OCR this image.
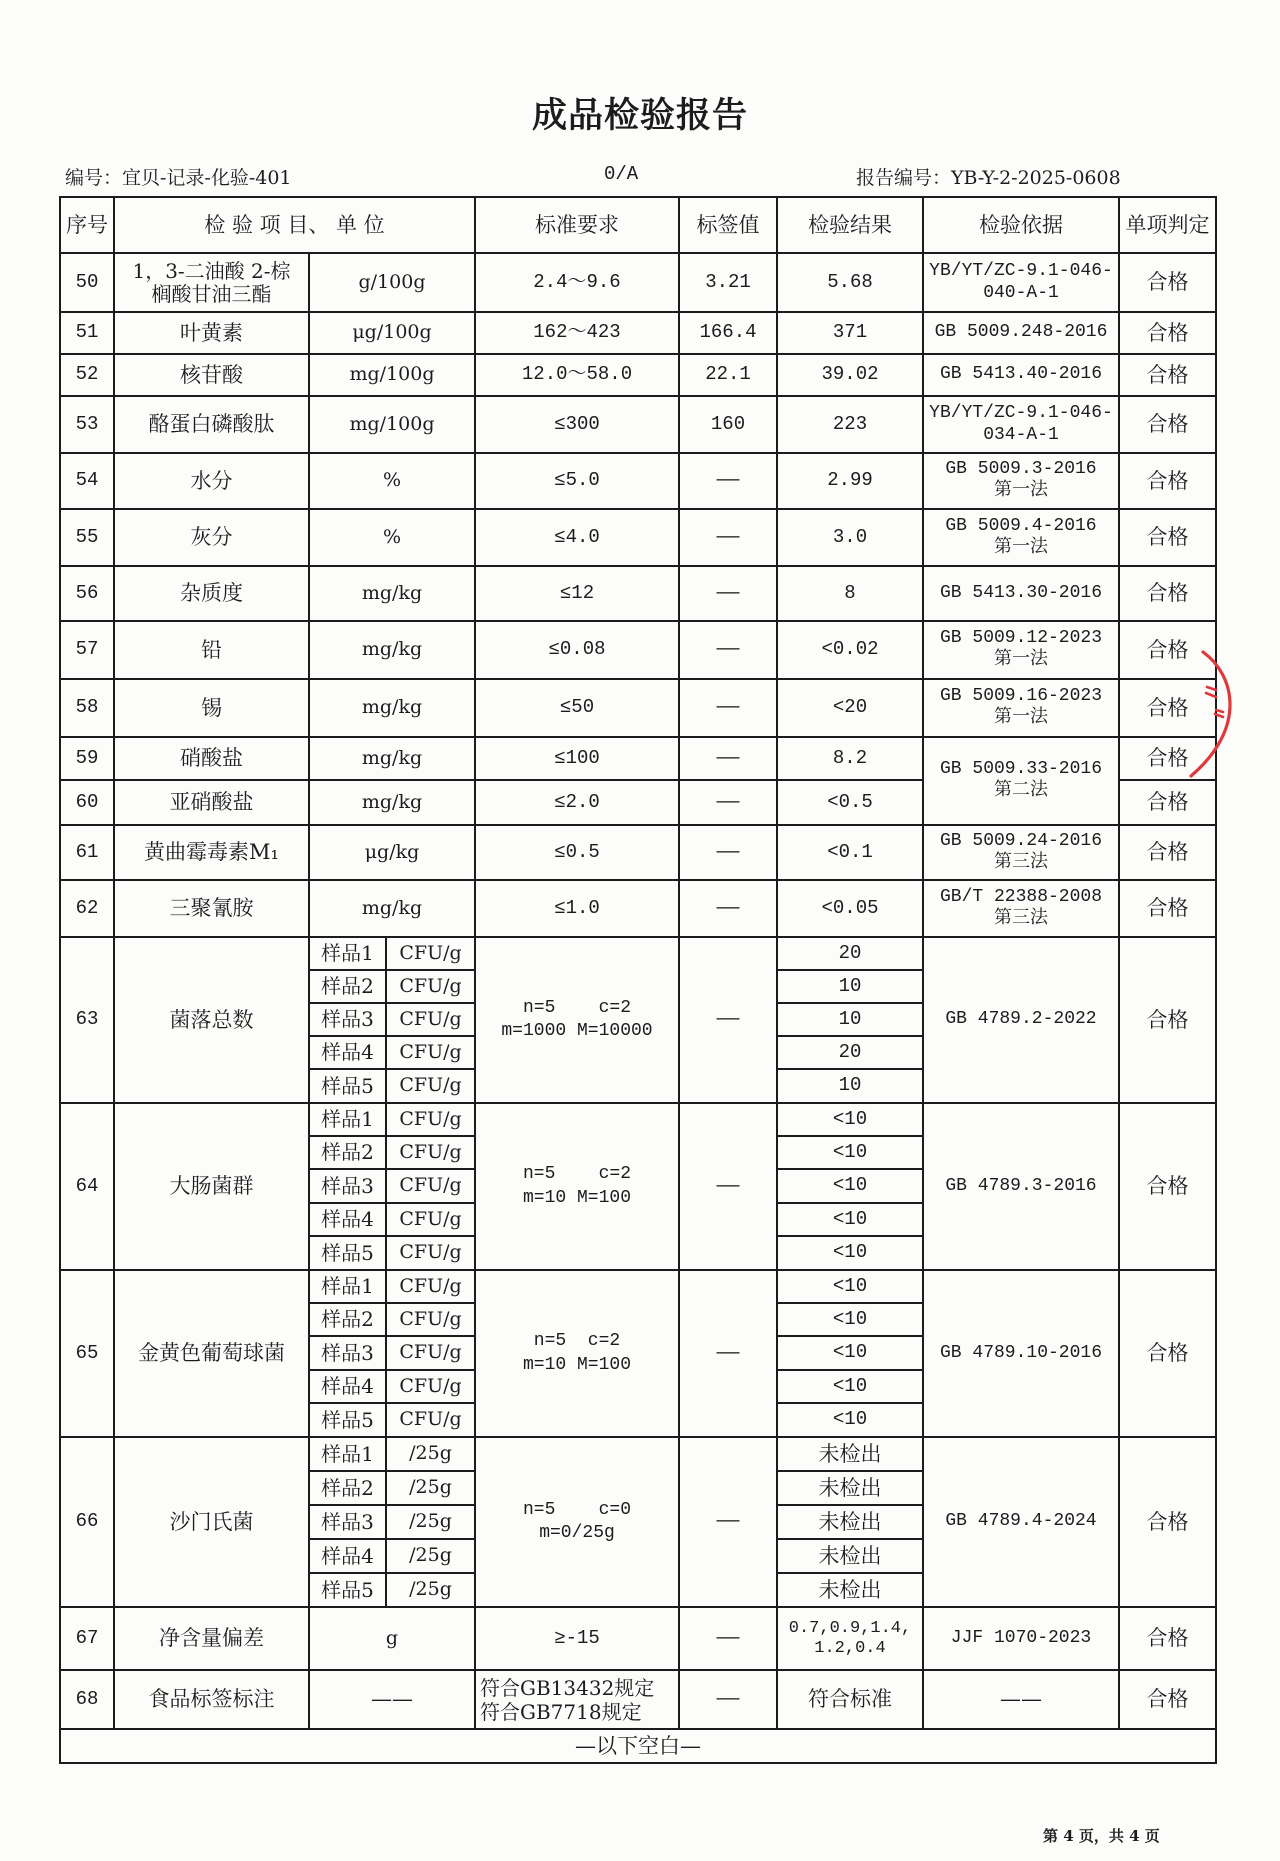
成品检验报告
编号：宜贝-记录-化验-401	0/A	报告编号：YB-Y-2-2025-0608
序号	检 验 项 目、 单 位			标准要求	标签值	检验结果	检验依据	单项判定
50	1，3-二油酸 2-棕
榈酸甘油三酯	g/100g		2.4～9.6	3.21	5.68	YB/YT/ZC-9.1-046-040-A-1	合格
51	叶黄素	μg/100g		162～423	166.4	371	GB 5009.248-2016	合格
52	核苷酸	mg/100g		12.0～58.0	22.1	39.02	GB 5413.40-2016	合格
53	酪蛋白磷酸肽	mg/100g		≤300	160	223	YB/YT/ZC-9.1-046-034-A-1	合格
54	水分	%		≤5.0	——	2.99	GB 5009.3-2016
第一法	合格
55	灰分	%		≤4.0	——	3.0	GB 5009.4-2016
第一法	合格
56	杂质度	mg/kg		≤12	——	8	GB 5413.30-2016	合格
57	铅	mg/kg		≤0.08	——	<0.02	GB 5009.12-2023
第一法	合格
58	锡	mg/kg		≤50	——	<20	GB 5009.16-2023
第一法	合格
59	硝酸盐	mg/kg		≤100	——	8.2	GB 5009.33-2016
第二法	合格
60	亚硝酸盐	mg/kg		≤2.0	——	<0.5		合格
61	黄曲霉毒素M₁	μg/kg		≤0.5	——	<0.1	GB 5009.24-2016
第三法	合格
62	三聚氰胺	mg/kg		≤1.0	——	<0.05	GB/T 22388-2008
第三法	合格
63	菌落总数	样品1	CFU/g	n=5    c=2
m=1000 M=10000	——	20	GB 4789.2-2022	合格
		样品2	CFU/g			10		
		样品3	CFU/g			10		
		样品4	CFU/g			20		
		样品5	CFU/g			10		
64	大肠菌群	样品1	CFU/g	n=5    c=2
m=10 M=100	——	<10	GB 4789.3-2016	合格
		样品2	CFU/g			<10		
		样品3	CFU/g			<10		
		样品4	CFU/g			<10		
		样品5	CFU/g			<10		
65	金黄色葡萄球菌	样品1	CFU/g	n=5  c=2
m=10 M=100	——	<10	GB 4789.10-2016	合格
		样品2	CFU/g			<10		
		样品3	CFU/g			<10		
		样品4	CFU/g			<10		
		样品5	CFU/g			<10		
66	沙门氏菌	样品1	/25g	n=5    c=0
m=0/25g	——	未检出	GB 4789.4-2024	合格
		样品2	/25g			未检出		
		样品3	/25g			未检出		
		样品4	/25g			未检出		
		样品5	/25g			未检出		
67	净含量偏差	g		≥-15	——	0.7,0.9,1.4,1.2,0.4	JJF 1070-2023	合格
68	食品标签标注	——		符合GB13432规定
符合GB7718规定	——	符合标准	——	合格
—以下空白—								
第 4 页，共 4 页
